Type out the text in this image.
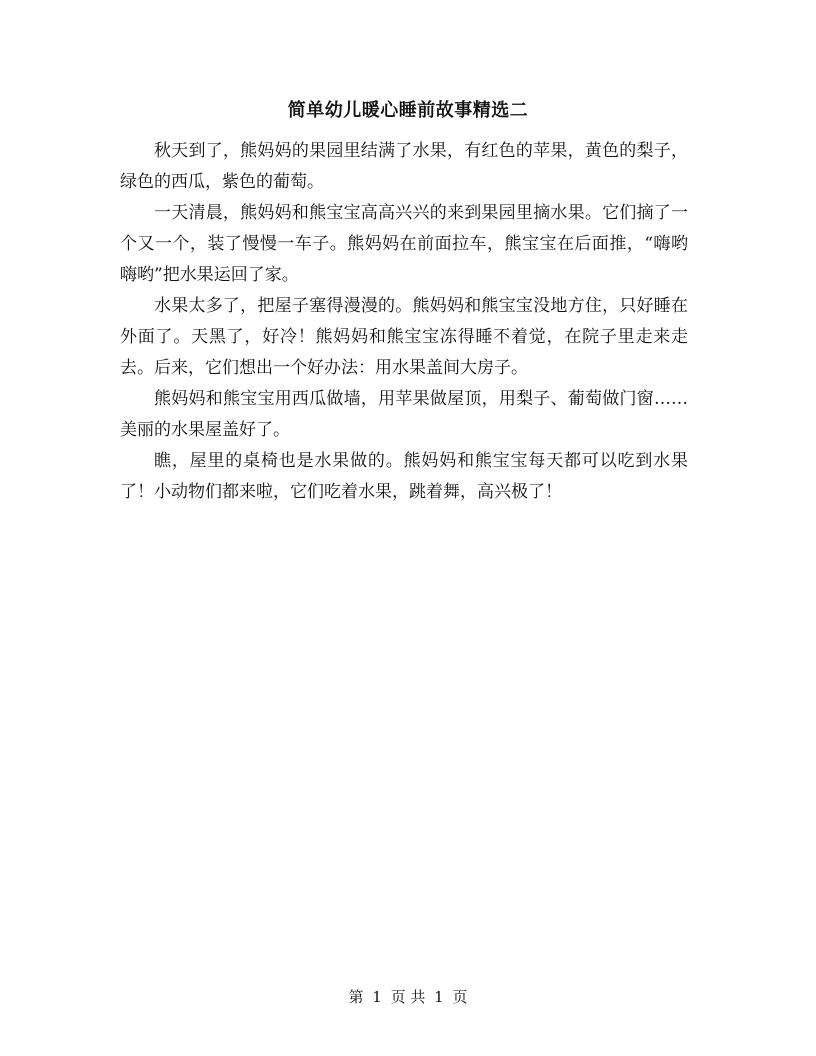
简单幼儿暖心睡前故事精选二

秋天到了，熊妈妈的果园里结满了水果，有红色的苹果，黄色的梨子，绿色的西瓜，紫色的葡萄。

一天清晨，熊妈妈和熊宝宝高高兴兴的来到果园里摘水果。它们摘了一个又一个，装了慢慢一车子。熊妈妈在前面拉车，熊宝宝在后面推，“嗨哟嗨哟”把水果运回了家。

水果太多了，把屋子塞得漫漫的。熊妈妈和熊宝宝没地方住，只好睡在外面了。天黑了，好冷！熊妈妈和熊宝宝冻得睡不着觉，在院子里走来走去。后来，它们想出一个好办法：用水果盖间大房子。

熊妈妈和熊宝宝用西瓜做墙，用苹果做屋顶，用梨子、葡萄做门窗……美丽的水果屋盖好了。

瞧，屋里的桌椅也是水果做的。熊妈妈和熊宝宝每天都可以吃到水果了！小动物们都来啦，它们吃着水果，跳着舞，高兴极了！

第 1 页 共 1 页
